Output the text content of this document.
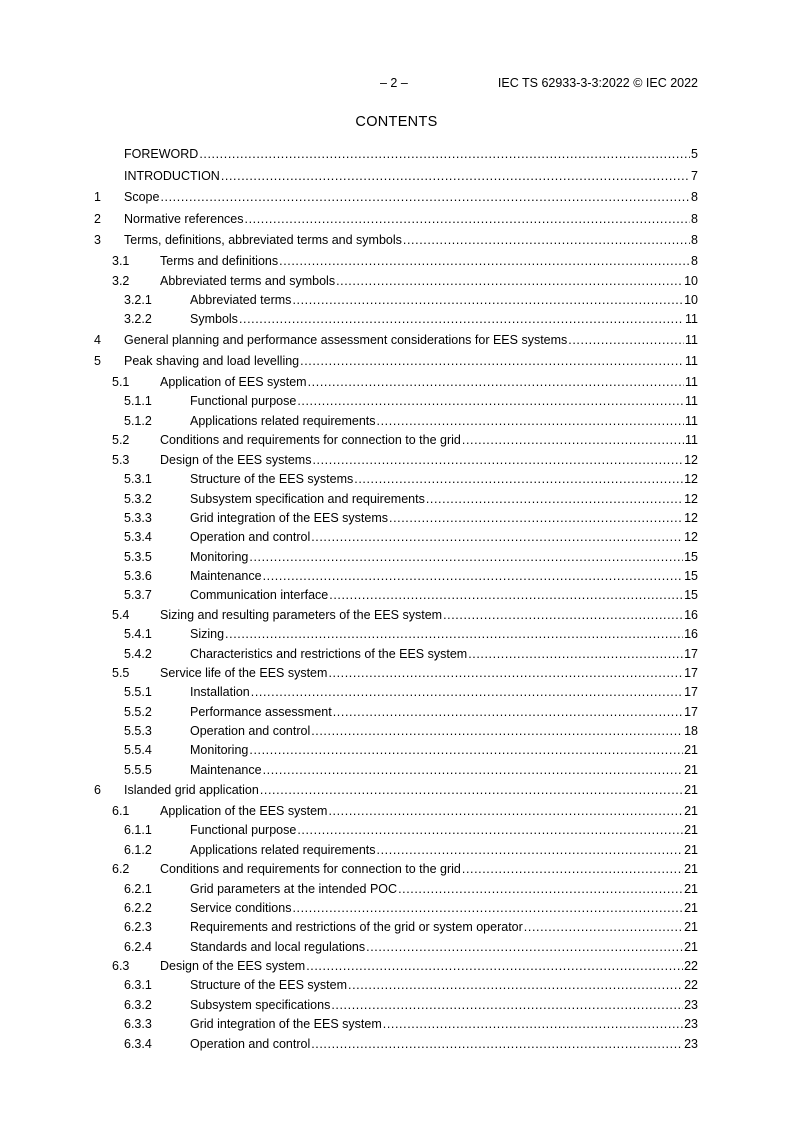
– 2 –	IEC TS 62933-3-3:2022 © IEC 2022
CONTENTS
FOREWORD .....	5
INTRODUCTION .....	7
1	Scope .....	8
2	Normative references .....	8
3	Terms, definitions, abbreviated terms and symbols .....	8
3.1	Terms and definitions .....	8
3.2	Abbreviated terms and symbols .....	10
3.2.1	Abbreviated terms .....	10
3.2.2	Symbols .....	11
4	General planning and performance assessment considerations for EES systems .....	11
5	Peak shaving and load levelling .....	11
5.1	Application of EES system .....	11
5.1.1	Functional purpose .....	11
5.1.2	Applications related requirements .....	11
5.2	Conditions and requirements for connection to the grid .....	11
5.3	Design of the EES systems .....	12
5.3.1	Structure of the EES systems .....	12
5.3.2	Subsystem specification and requirements .....	12
5.3.3	Grid integration of the EES systems .....	12
5.3.4	Operation and control .....	12
5.3.5	Monitoring .....	15
5.3.6	Maintenance .....	15
5.3.7	Communication interface .....	15
5.4	Sizing and resulting parameters of the EES system .....	16
5.4.1	Sizing .....	16
5.4.2	Characteristics and restrictions of the EES system .....	17
5.5	Service life of the EES system .....	17
5.5.1	Installation .....	17
5.5.2	Performance assessment .....	17
5.5.3	Operation and control .....	18
5.5.4	Monitoring .....	21
5.5.5	Maintenance .....	21
6	Islanded grid application .....	21
6.1	Application of the EES system .....	21
6.1.1	Functional purpose .....	21
6.1.2	Applications related requirements .....	21
6.2	Conditions and requirements for connection to the grid .....	21
6.2.1	Grid parameters at the intended POC .....	21
6.2.2	Service conditions .....	21
6.2.3	Requirements and restrictions of the grid or system operator .....	21
6.2.4	Standards and local regulations .....	21
6.3	Design of the EES system .....	22
6.3.1	Structure of the EES system .....	22
6.3.2	Subsystem specifications .....	23
6.3.3	Grid integration of the EES system .....	23
6.3.4	Operation and control .....	23
